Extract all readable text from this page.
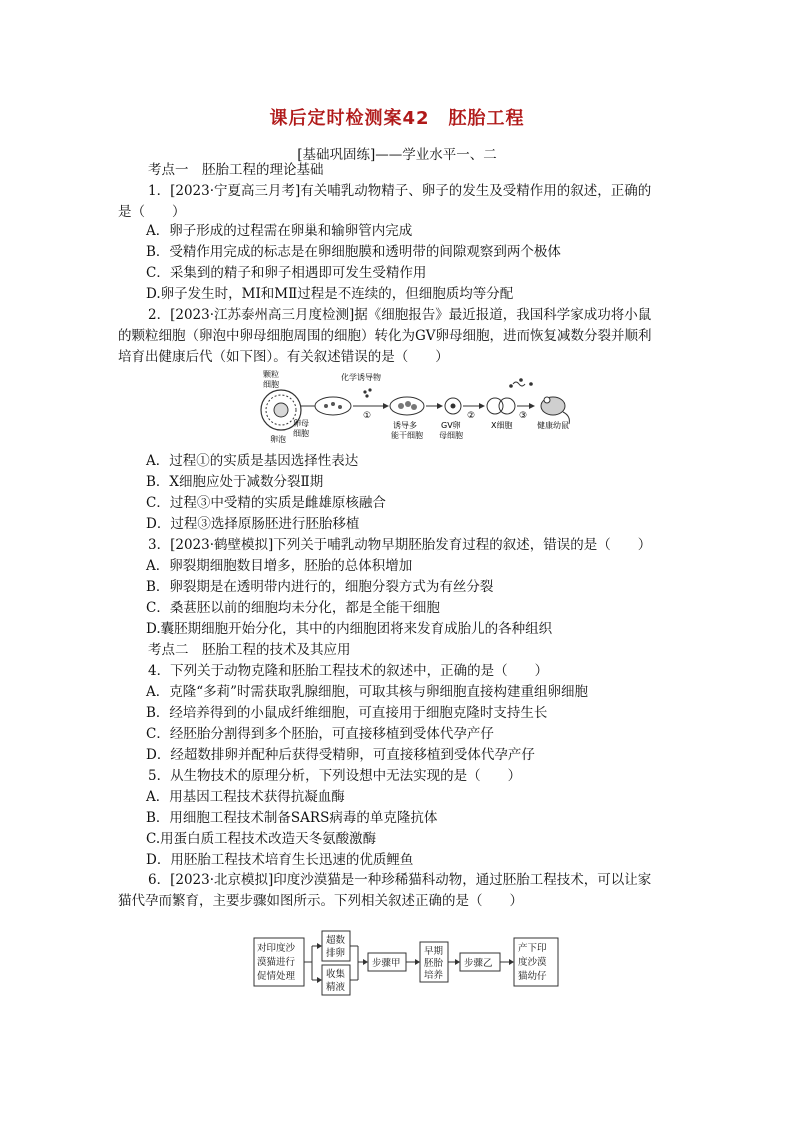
课后定时检测案42　胚胎工程
[基础巩固练]——学业水平一、二
考点一　胚胎工程的理论基础
1．[2023·宁夏高三月考]有关哺乳动物精子、卵子的发生及受精作用的叙述，正确的
是（　　）
A．卵子形成的过程需在卵巢和输卵管内完成
B．受精作用完成的标志是在卵细胞膜和透明带的间隙观察到两个极体
C．采集到的精子和卵子相遇即可发生受精作用
D.卵子发生时，MⅠ和MⅡ过程是不连续的，但细胞质均等分配
2．[2023·江苏泰州高三月度检测]据《细胞报告》最近报道，我国科学家成功将小鼠
的颗粒细胞（卵泡中卵母细胞周围的细胞）转化为GV卵母细胞，进而恢复减数分裂并顺利
培育出健康后代（如下图）。有关叙述错误的是（　　）
颗粒
细胞
卵泡
卵母
细胞
化学诱导物
①
诱导多
能干细胞
GV卵
母细胞
②
X细胞
③
健康幼鼠
A．过程①的实质是基因选择性表达
B．X细胞应处于减数分裂Ⅱ期
C．过程③中受精的实质是雌雄原核融合
D．过程③选择原肠胚进行胚胎移植
3．[2023·鹤壁模拟]下列关于哺乳动物早期胚胎发育过程的叙述，错误的是（　　）
A．卵裂期细胞数目增多，胚胎的总体积增加
B．卵裂期是在透明带内进行的，细胞分裂方式为有丝分裂
C．桑葚胚以前的细胞均未分化，都是全能干细胞
D.囊胚期细胞开始分化，其中的内细胞团将来发育成胎儿的各种组织
考点二　胚胎工程的技术及其应用
4．下列关于动物克隆和胚胎工程技术的叙述中，正确的是（　　）
A．克隆“多莉”时需获取乳腺细胞，可取其核与卵细胞直接构建重组卵细胞
B．经培养得到的小鼠成纤维细胞，可直接用于细胞克隆时支持生长
C．经胚胎分割得到多个胚胎，可直接移植到受体代孕产仔
D．经超数排卵并配种后获得受精卵，可直接移植到受体代孕产仔
5．从生物技术的原理分析，下列设想中无法实现的是（　　）
A．用基因工程技术获得抗凝血酶
B．用细胞工程技术制备SARS病毒的单克隆抗体
C.用蛋白质工程技术改造天冬氨酸激酶
D．用胚胎工程技术培育生长迅速的优质鲤鱼
6．[2023·北京模拟]印度沙漠猫是一种珍稀猫科动物，通过胚胎工程技术，可以让家
猫代孕而繁育，主要步骤如图所示。下列相关叙述正确的是（　　）
对印度沙
漠猫进行
促情处理
超数
排卵
收集
精液
步骤甲
早期
胚胎
培养
步骤乙
产下印
度沙漠
猫幼仔
